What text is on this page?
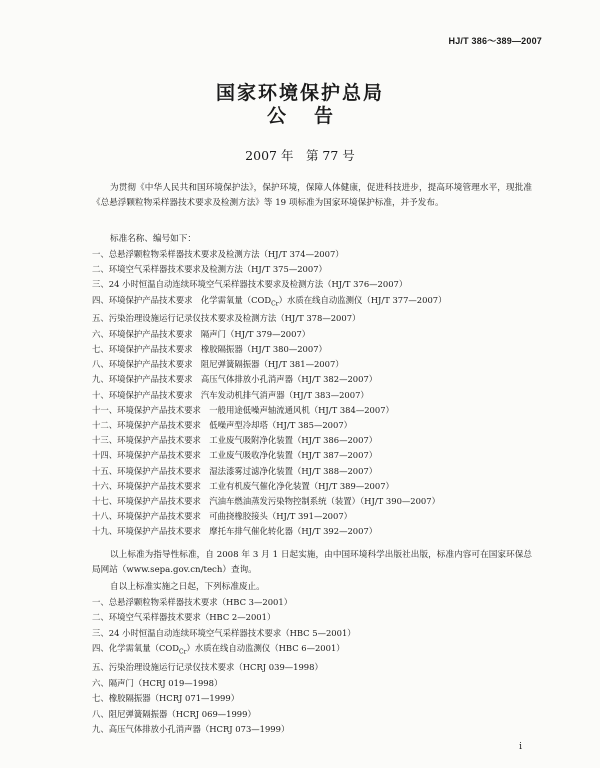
HJ/T 386～389—2007
国家环境保护总局
公告
2007 年　第 77 号
为贯彻《中华人民共和国环境保护法》，保护环境，保障人体健康，促进科技进步，提高环境管理水平，现批准《总悬浮颗粒物采样器技术要求及检测方法》等 19 项标准为国家环境保护标准，并予发布。
标准名称、编号如下：
一、总悬浮颗粒物采样器技术要求及检测方法（HJ/T 374—2007）
二、环境空气采样器技术要求及检测方法（HJ/T 375—2007）
三、24 小时恒温自动连续环境空气采样器技术要求及检测方法（HJ/T 376—2007）
四、环境保护产品技术要求　化学需氧量$(COD_{Cr})$水质在线自动监测仪（HJ/T 377—2007）
五、污染治理设施运行记录仪技术要求及检测方法（HJ/T 378—2007）
六、环境保护产品技术要求　隔声门（HJ/T 379—2007）
七、环境保护产品技术要求　橡胶隔振器（HJ/T 380—2007）
八、环境保护产品技术要求　阻尼弹簧隔振器（HJ/T 381—2007）
九、环境保护产品技术要求　高压气体排放小孔消声器（HJ/T 382—2007）
十、环境保护产品技术要求　汽车发动机排气消声器（HJ/T 383—2007）
十一、环境保护产品技术要求　一般用途低噪声轴流通风机（HJ/T 384—2007）
十二、环境保护产品技术要求　低噪声型冷却塔（HJ/T 385—2007）
十三、环境保护产品技术要求　工业废气吸附净化装置（HJ/T 386—2007）
十四、环境保护产品技术要求　工业废气吸收净化装置（HJ/T 387—2007）
十五、环境保护产品技术要求　湿法漆雾过滤净化装置（HJ/T 388—2007）
十六、环境保护产品技术要求　工业有机废气催化净化装置（HJ/T 389—2007）
十七、环境保护产品技术要求　汽油车燃油蒸发污染物控制系统（装置）（HJ/T 390—2007）
十八、环境保护产品技术要求　可曲挠橡胶接头（HJ/T 391—2007）
十九、环境保护产品技术要求　摩托车排气催化转化器（HJ/T 392—2007）
以上标准为指导性标准，自 2008 年 3 月 1 日起实施，由中国环境科学出版社出版，标准内容可在国家环保总局网站（www.sepa.gov.cn/tech）查询。
自以上标准实施之日起，下列标准废止。
一、总悬浮颗粒物采样器技术要求（HBC 3—2001）
二、环境空气采样器技术要求（HBC 2—2001）
三、24 小时恒温自动连续环境空气采样器技术要求（HBC 5—2001）
四、化学需氧量$(COD_{Cr})$水质在线自动监测仪（HBC 6—2001）
五、污染治理设施运行记录仪技术要求（HCRJ 039—1998）
六、隔声门（HCRJ 019—1998）
七、橡胶隔振器（HCRJ 071—1999）
八、阻尼弹簧隔振器（HCRJ 069—1999）
九、高压气体排放小孔消声器（HCRJ 073—1999）
i
